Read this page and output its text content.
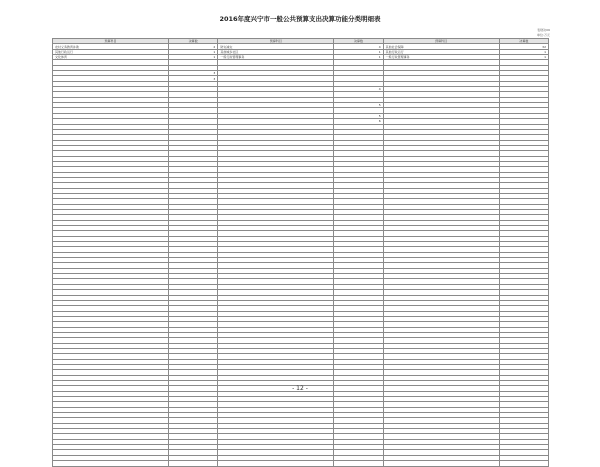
2016年度兴宁市一般公共预算支出决算功能分类明细表
表财决06
单位:万元
预算科目	决算数	预算科目	决算数	预算科目	决算数
农村义务教育补助	2	防灾减灾	4	其他社会保障	32
其他行政运行	1	其他城乡社区	1	其他行政运行	1
文化体育	1	一般行政管理事务	1	一般行政管理事务	1

	3				
	3				

			4		

			5		

			5		
			6		

- 12 -
